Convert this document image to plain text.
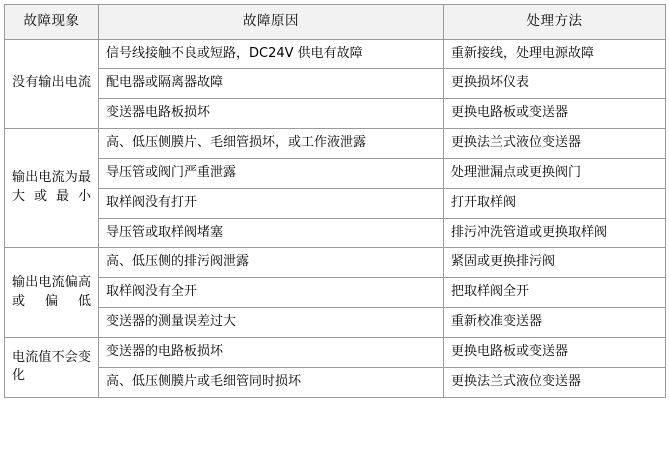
故障现象	故障原因	处理方法
没有输出电流	信号线接触不良或短路，DC24V 供电有故障	重新接线，处理电源故障
	配电器或隔离器故障	更换损坏仪表
	变送器电路板损坏	更换电路板或变送器
输出电流为最大或最小	高、低压侧膜片、毛细管损坏，或工作液泄露	更换法兰式液位变送器
	导压管或阀门严重泄露	处理泄漏点或更换阀门
	取样阀没有打开	打开取样阀
	导压管或取样阀堵塞	排污冲洗管道或更换取样阀
输出电流偏高或偏低	高、低压侧的排污阀泄露	紧固或更换排污阀
	取样阀没有全开	把取样阀全开
	变送器的测量误差过大	重新校准变送器
电流值不会变化	变送器的电路板损坏	更换电路板或变送器
	高、低压侧膜片或毛细管同时损坏	更换法兰式液位变送器
